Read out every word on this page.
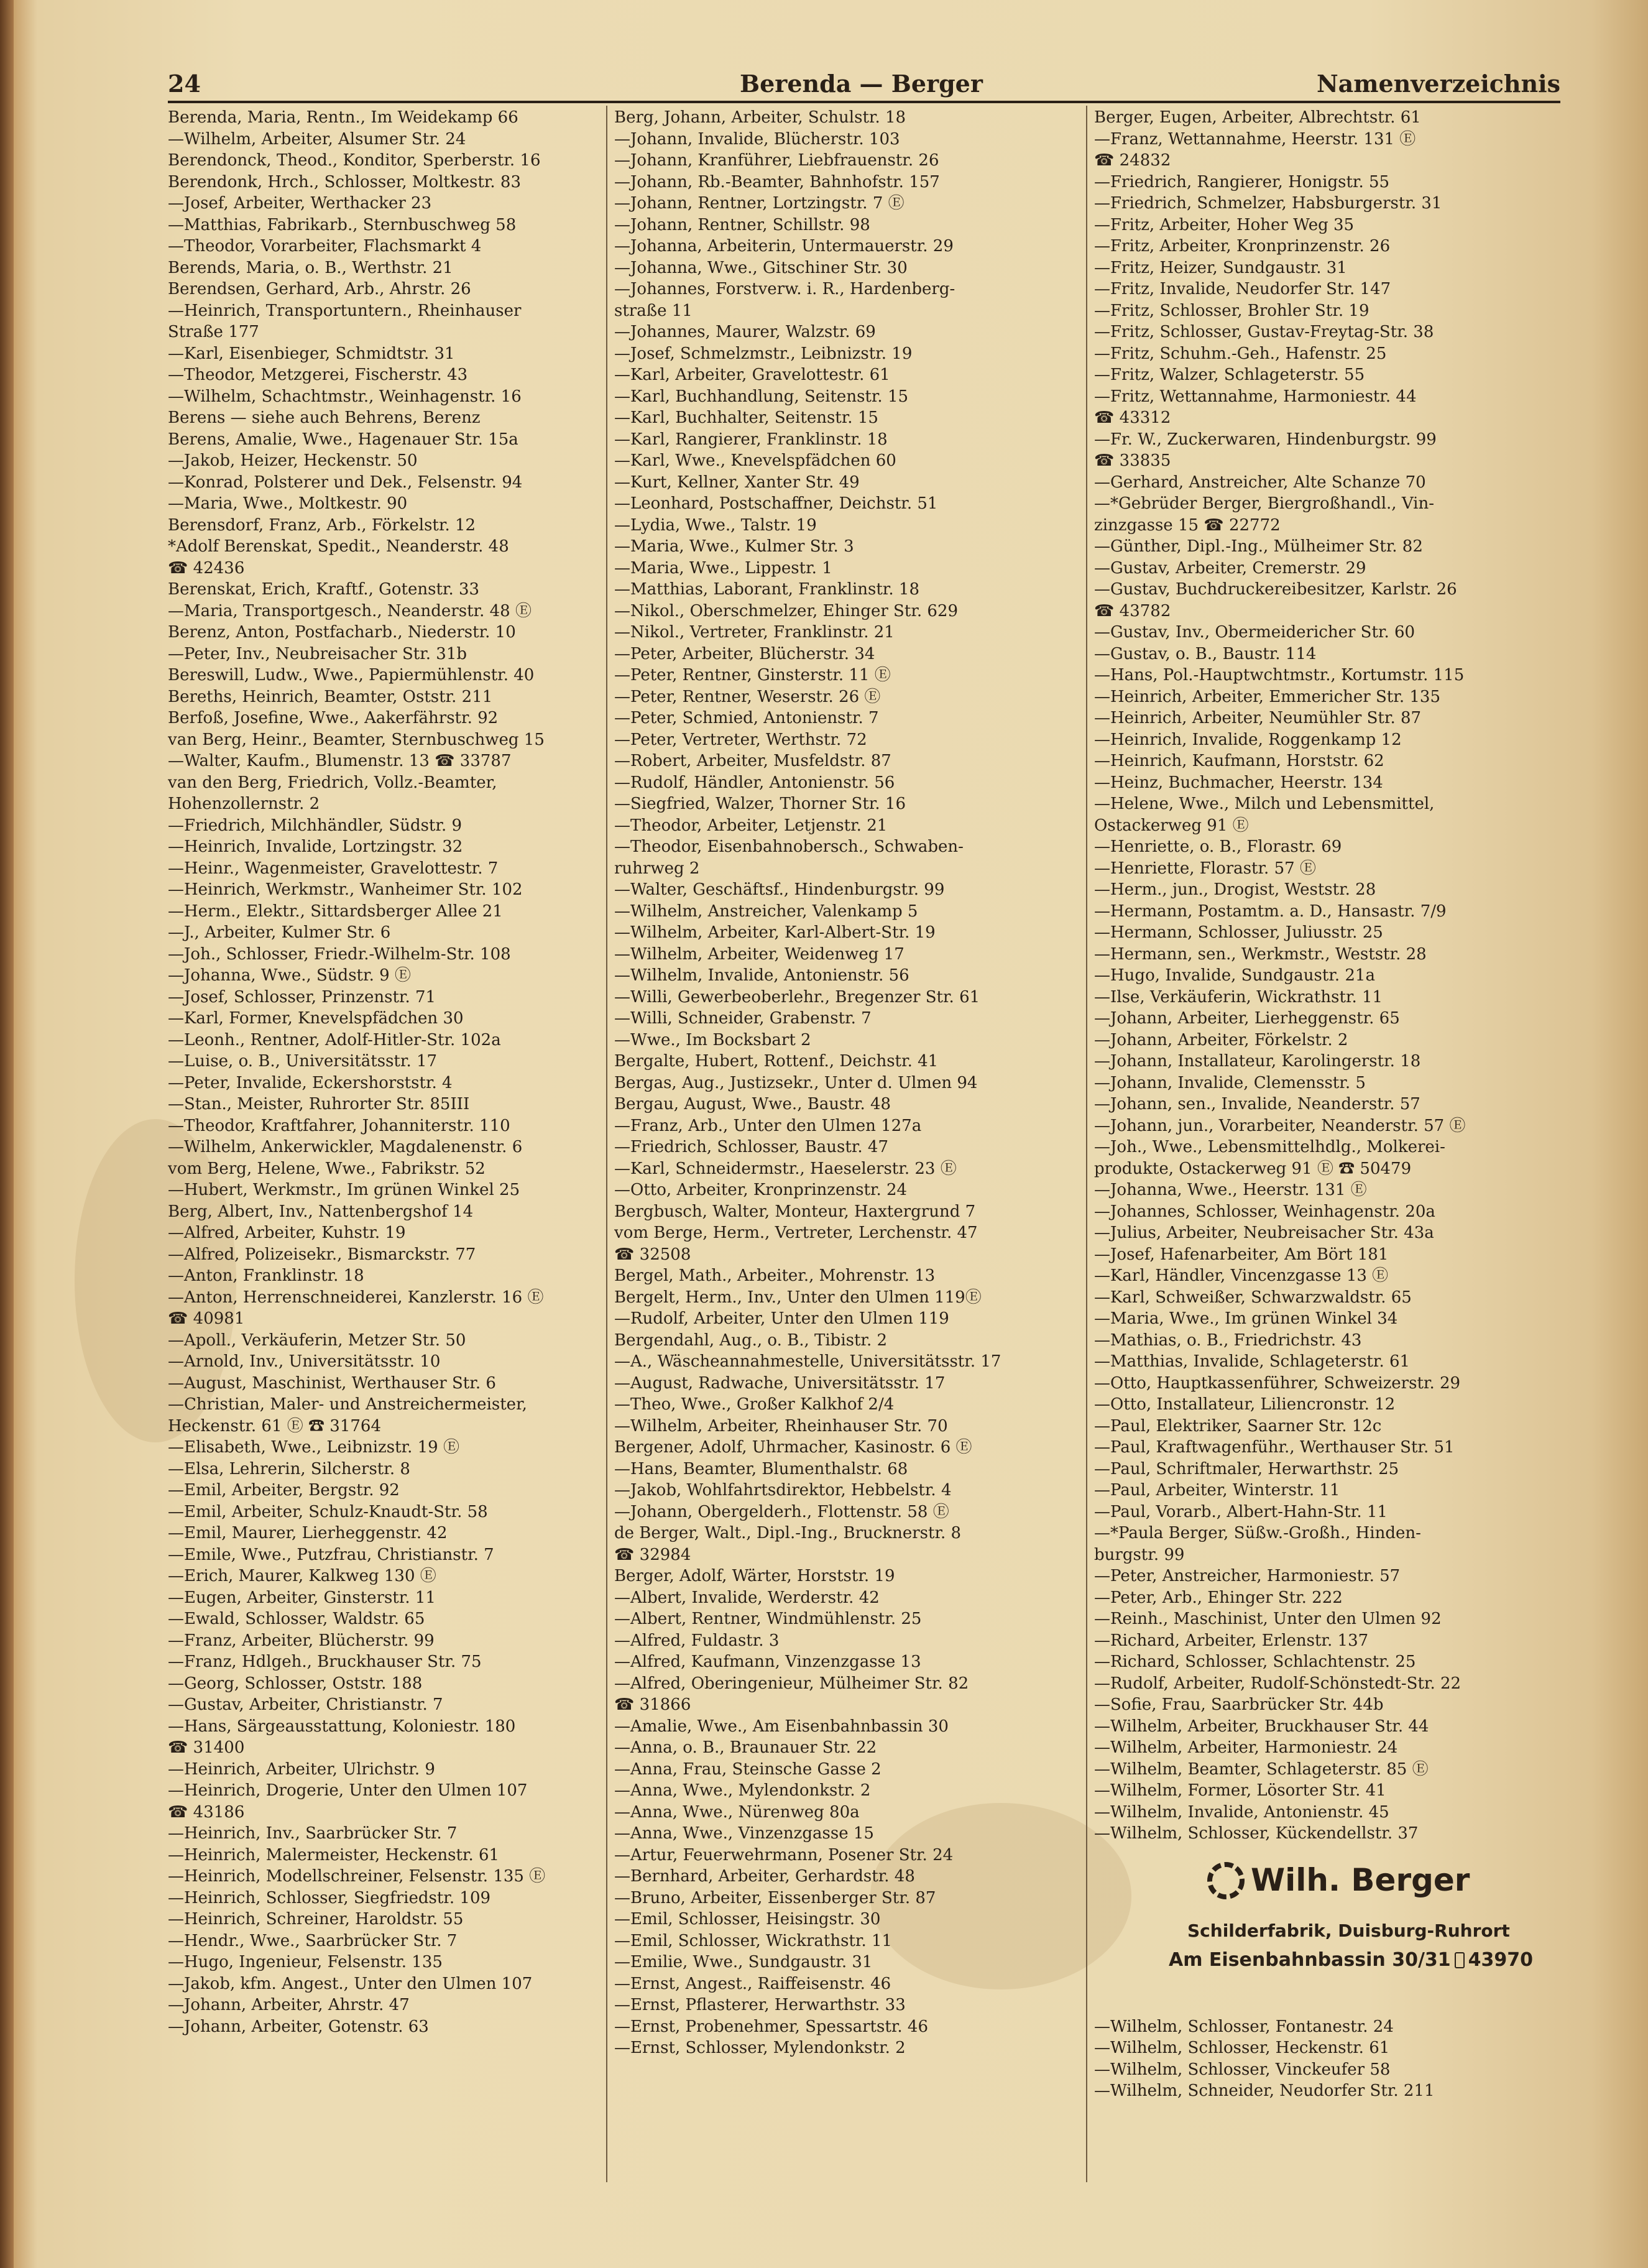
24	Berenda — Berger	Namenverzeichnis
Berenda, Maria, Rentn., Im Weidekamp 66
—Wilhelm, Arbeiter, Alsumer Str. 24
Berendonck, Theod., Konditor, Sperberstr. 16
Berendonk, Hrch., Schlosser, Moltkestr. 83
—Josef, Arbeiter, Werthacker 23
—Matthias, Fabrikarb., Sternbuschweg 58
—Theodor, Vorarbeiter, Flachsmarkt 4
Berends, Maria, o. B., Werthstr. 21
Berendsen, Gerhard, Arb., Ahrstr. 26
—Heinrich, Transportuntern., Rheinhauser
Straße 177
—Karl, Eisenbieger, Schmidtstr. 31
—Theodor, Metzgerei, Fischerstr. 43
—Wilhelm, Schachtmstr., Weinhagenstr. 16
Berens — siehe auch Behrens, Berenz
Berens, Amalie, Wwe., Hagenauer Str. 15a
—Jakob, Heizer, Heckenstr. 50
—Konrad, Polsterer und Dek., Felsenstr. 94
—Maria, Wwe., Moltkestr. 90
Berensdorf, Franz, Arb., Förkelstr. 12
*Adolf Berenskat, Spedit., Neanderstr. 48
☎ 42436
Berenskat, Erich, Kraftf., Gotenstr. 33
—Maria, Transportgesch., Neanderstr. 48 Ⓔ
Berenz, Anton, Postfacharb., Niederstr. 10
—Peter, Inv., Neubreisacher Str. 31b
Bereswill, Ludw., Wwe., Papiermühlenstr. 40
Bereths, Heinrich, Beamter, Oststr. 211
Berfoß, Josefine, Wwe., Aakerfährstr. 92
van Berg, Heinr., Beamter, Sternbuschweg 15
—Walter, Kaufm., Blumenstr. 13 ☎ 33787
van den Berg, Friedrich, Vollz.-Beamter,
Hohenzollernstr. 2
—Friedrich, Milchhändler, Südstr. 9
—Heinrich, Invalide, Lortzingstr. 32
—Heinr., Wagenmeister, Gravelottestr. 7
—Heinrich, Werkmstr., Wanheimer Str. 102
—Herm., Elektr., Sittardsberger Allee 21
—J., Arbeiter, Kulmer Str. 6
—Joh., Schlosser, Friedr.-Wilhelm-Str. 108
—Johanna, Wwe., Südstr. 9 Ⓔ
—Josef, Schlosser, Prinzenstr. 71
—Karl, Former, Knevelspfädchen 30
—Leonh., Rentner, Adolf-Hitler-Str. 102a
—Luise, o. B., Universitätsstr. 17
—Peter, Invalide, Eckershorststr. 4
—Stan., Meister, Ruhrorter Str. 85III
—Theodor, Kraftfahrer, Johanniterstr. 110
—Wilhelm, Ankerwickler, Magdalenenstr. 6
vom Berg, Helene, Wwe., Fabrikstr. 52
—Hubert, Werkmstr., Im grünen Winkel 25
Berg, Albert, Inv., Nattenbergshof 14
—Alfred, Arbeiter, Kuhstr. 19
—Alfred, Polizeisekr., Bismarckstr. 77
—Anton, Franklinstr. 18
—Anton, Herrenschneiderei, Kanzlerstr. 16 Ⓔ
☎ 40981
—Apoll., Verkäuferin, Metzer Str. 50
—Arnold, Inv., Universitätsstr. 10
—August, Maschinist, Werthauser Str. 6
—Christian, Maler- und Anstreichermeister,
Heckenstr. 61 Ⓔ ☎ 31764
—Elisabeth, Wwe., Leibnizstr. 19 Ⓔ
—Elsa, Lehrerin, Silcherstr. 8
—Emil, Arbeiter, Bergstr. 92
—Emil, Arbeiter, Schulz-Knaudt-Str. 58
—Emil, Maurer, Lierheggenstr. 42
—Emile, Wwe., Putzfrau, Christianstr. 7
—Erich, Maurer, Kalkweg 130 Ⓔ
—Eugen, Arbeiter, Ginsterstr. 11
—Ewald, Schlosser, Waldstr. 65
—Franz, Arbeiter, Blücherstr. 99
—Franz, Hdlgeh., Bruckhauser Str. 75
—Georg, Schlosser, Oststr. 188
—Gustav, Arbeiter, Christianstr. 7
—Hans, Särgeausstattung, Koloniestr. 180
☎ 31400
—Heinrich, Arbeiter, Ulrichstr. 9
—Heinrich, Drogerie, Unter den Ulmen 107
☎ 43186
—Heinrich, Inv., Saarbrücker Str. 7
—Heinrich, Malermeister, Heckenstr. 61
—Heinrich, Modellschreiner, Felsenstr. 135 Ⓔ
—Heinrich, Schlosser, Siegfriedstr. 109
—Heinrich, Schreiner, Haroldstr. 55
—Hendr., Wwe., Saarbrücker Str. 7
—Hugo, Ingenieur, Felsenstr. 135
—Jakob, kfm. Angest., Unter den Ulmen 107
—Johann, Arbeiter, Ahrstr. 47
—Johann, Arbeiter, Gotenstr. 63
Berg, Johann, Arbeiter, Schulstr. 18
—Johann, Invalide, Blücherstr. 103
—Johann, Kranführer, Liebfrauenstr. 26
—Johann, Rb.-Beamter, Bahnhofstr. 157
—Johann, Rentner, Lortzingstr. 7 Ⓔ
—Johann, Rentner, Schillstr. 98
—Johanna, Arbeiterin, Untermauerstr. 29
—Johanna, Wwe., Gitschiner Str. 30
—Johannes, Forstverw. i. R., Hardenberg-
straße 11
—Johannes, Maurer, Walzstr. 69
—Josef, Schmelzmstr., Leibnizstr. 19
—Karl, Arbeiter, Gravelottestr. 61
—Karl, Buchhandlung, Seitenstr. 15
—Karl, Buchhalter, Seitenstr. 15
—Karl, Rangierer, Franklinstr. 18
—Karl, Wwe., Knevelspfädchen 60
—Kurt, Kellner, Xanter Str. 49
—Leonhard, Postschaffner, Deichstr. 51
—Lydia, Wwe., Talstr. 19
—Maria, Wwe., Kulmer Str. 3
—Maria, Wwe., Lippestr. 1
—Matthias, Laborant, Franklinstr. 18
—Nikol., Oberschmelzer, Ehinger Str. 629
—Nikol., Vertreter, Franklinstr. 21
—Peter, Arbeiter, Blücherstr. 34
—Peter, Rentner, Ginsterstr. 11 Ⓔ
—Peter, Rentner, Weserstr. 26 Ⓔ
—Peter, Schmied, Antonienstr. 7
—Peter, Vertreter, Werthstr. 72
—Robert, Arbeiter, Musfeldstr. 87
—Rudolf, Händler, Antonienstr. 56
—Siegfried, Walzer, Thorner Str. 16
—Theodor, Arbeiter, Letjenstr. 21
—Theodor, Eisenbahnobersch., Schwaben-
ruhrweg 2
—Walter, Geschäftsf., Hindenburgstr. 99
—Wilhelm, Anstreicher, Valenkamp 5
—Wilhelm, Arbeiter, Karl-Albert-Str. 19
—Wilhelm, Arbeiter, Weidenweg 17
—Wilhelm, Invalide, Antonienstr. 56
—Willi, Gewerbeoberlehr., Bregenzer Str. 61
—Willi, Schneider, Grabenstr. 7
—Wwe., Im Bocksbart 2
Bergalte, Hubert, Rottenf., Deichstr. 41
Bergas, Aug., Justizsekr., Unter d. Ulmen 94
Bergau, August, Wwe., Baustr. 48
—Franz, Arb., Unter den Ulmen 127a
—Friedrich, Schlosser, Baustr. 47
—Karl, Schneidermstr., Haeselerstr. 23 Ⓔ
—Otto, Arbeiter, Kronprinzenstr. 24
Bergbusch, Walter, Monteur, Haxtergrund 7
vom Berge, Herm., Vertreter, Lerchenstr. 47
☎ 32508
Bergel, Math., Arbeiter., Mohrenstr. 13
Bergelt, Herm., Inv., Unter den Ulmen 119Ⓔ
—Rudolf, Arbeiter, Unter den Ulmen 119
Bergendahl, Aug., o. B., Tibistr. 2
—A., Wäscheannahmestelle, Universitätsstr. 17
—August, Radwache, Universitätsstr. 17
—Theo, Wwe., Großer Kalkhof 2/4
—Wilhelm, Arbeiter, Rheinhauser Str. 70
Bergener, Adolf, Uhrmacher, Kasinostr. 6 Ⓔ
—Hans, Beamter, Blumenthalstr. 68
—Jakob, Wohlfahrtsdirektor, Hebbelstr. 4
—Johann, Obergelderh., Flottenstr. 58 Ⓔ
de Berger, Walt., Dipl.-Ing., Brucknerstr. 8
☎ 32984
Berger, Adolf, Wärter, Horststr. 19
—Albert, Invalide, Werderstr. 42
—Albert, Rentner, Windmühlenstr. 25
—Alfred, Fuldastr. 3
—Alfred, Kaufmann, Vinzenzgasse 13
—Alfred, Oberingenieur, Mülheimer Str. 82
☎ 31866
—Amalie, Wwe., Am Eisenbahnbassin 30
—Anna, o. B., Braunauer Str. 22
—Anna, Frau, Steinsche Gasse 2
—Anna, Wwe., Mylendonkstr. 2
—Anna, Wwe., Nürenweg 80a
—Anna, Wwe., Vinzenzgasse 15
—Artur, Feuerwehrmann, Posener Str. 24
—Bernhard, Arbeiter, Gerhardstr. 48
—Bruno, Arbeiter, Eissenberger Str. 87
—Emil, Schlosser, Heisingstr. 30
—Emil, Schlosser, Wickrathstr. 11
—Emilie, Wwe., Sundgaustr. 31
—Ernst, Angest., Raiffeisenstr. 46
—Ernst, Pflasterer, Herwarthstr. 33
—Ernst, Probenehmer, Spessartstr. 46
—Ernst, Schlosser, Mylendonkstr. 2
Berger, Eugen, Arbeiter, Albrechtstr. 61
—Franz, Wettannahme, Heerstr. 131 Ⓔ
☎ 24832
—Friedrich, Rangierer, Honigstr. 55
—Friedrich, Schmelzer, Habsburgerstr. 31
—Fritz, Arbeiter, Hoher Weg 35
—Fritz, Arbeiter, Kronprinzenstr. 26
—Fritz, Heizer, Sundgaustr. 31
—Fritz, Invalide, Neudorfer Str. 147
—Fritz, Schlosser, Brohler Str. 19
—Fritz, Schlosser, Gustav-Freytag-Str. 38
—Fritz, Schuhm.-Geh., Hafenstr. 25
—Fritz, Walzer, Schlageterstr. 55
—Fritz, Wettannahme, Harmoniestr. 44
☎ 43312
—Fr. W., Zuckerwaren, Hindenburgstr. 99
☎ 33835
—Gerhard, Anstreicher, Alte Schanze 70
—*Gebrüder Berger, Biergroßhandl., Vin-
zinzgasse 15 ☎ 22772
—Günther, Dipl.-Ing., Mülheimer Str. 82
—Gustav, Arbeiter, Cremerstr. 29
—Gustav, Buchdruckereibesitzer, Karlstr. 26
☎ 43782
—Gustav, Inv., Obermeidericher Str. 60
—Gustav, o. B., Baustr. 114
—Hans, Pol.-Hauptwchtmstr., Kortumstr. 115
—Heinrich, Arbeiter, Emmericher Str. 135
—Heinrich, Arbeiter, Neumühler Str. 87
—Heinrich, Invalide, Roggenkamp 12
—Heinrich, Kaufmann, Horststr. 62
—Heinz, Buchmacher, Heerstr. 134
—Helene, Wwe., Milch und Lebensmittel,
Ostackerweg 91 Ⓔ
—Henriette, o. B., Florastr. 69
—Henriette, Florastr. 57 Ⓔ
—Herm., jun., Drogist, Weststr. 28
—Hermann, Postamtm. a. D., Hansastr. 7/9
—Hermann, Schlosser, Juliusstr. 25
—Hermann, sen., Werkmstr., Weststr. 28
—Hugo, Invalide, Sundgaustr. 21a
—Ilse, Verkäuferin, Wickrathstr. 11
—Johann, Arbeiter, Lierheggenstr. 65
—Johann, Arbeiter, Förkelstr. 2
—Johann, Installateur, Karolingerstr. 18
—Johann, Invalide, Clemensstr. 5
—Johann, sen., Invalide, Neanderstr. 57
—Johann, jun., Vorarbeiter, Neanderstr. 57 Ⓔ
—Joh., Wwe., Lebensmittelhdlg., Molkerei-
produkte, Ostackerweg 91 Ⓔ ☎ 50479
—Johanna, Wwe., Heerstr. 131 Ⓔ
—Johannes, Schlosser, Weinhagenstr. 20a
—Julius, Arbeiter, Neubreisacher Str. 43a
—Josef, Hafenarbeiter, Am Bört 181
—Karl, Händler, Vincenzgasse 13 Ⓔ
—Karl, Schweißer, Schwarzwaldstr. 65
—Maria, Wwe., Im grünen Winkel 34
—Mathias, o. B., Friedrichstr. 43
—Matthias, Invalide, Schlageterstr. 61
—Otto, Hauptkassenführer, Schweizerstr. 29
—Otto, Installateur, Liliencronstr. 12
—Paul, Elektriker, Saarner Str. 12c
—Paul, Kraftwagenführ., Werthauser Str. 51
—Paul, Schriftmaler, Herwarthstr. 25
—Paul, Arbeiter, Winterstr. 11
—Paul, Vorarb., Albert-Hahn-Str. 11
—*Paula Berger, Süßw.-Großh., Hinden-
burgstr. 99
—Peter, Anstreicher, Harmoniestr. 57
—Peter, Arb., Ehinger Str. 222
—Reinh., Maschinist, Unter den Ulmen 92
—Richard, Arbeiter, Erlenstr. 137
—Richard, Schlosser, Schlachtenstr. 25
—Rudolf, Arbeiter, Rudolf-Schönstedt-Str. 22
—Sofie, Frau, Saarbrücker Str. 44b
—Wilhelm, Arbeiter, Bruckhauser Str. 44
—Wilhelm, Arbeiter, Harmoniestr. 24
—Wilhelm, Beamter, Schlageterstr. 85 Ⓔ
—Wilhelm, Former, Lösorter Str. 41
—Wilhelm, Invalide, Antonienstr. 45
—Wilhelm, Schlosser, Kückendellstr. 37
Wilh. Berger
Schilderfabrik, Duisburg-Ruhrort
Am Eisenbahnbassin 30/31 43970
—Wilhelm, Schlosser, Fontanestr. 24
—Wilhelm, Schlosser, Heckenstr. 61
—Wilhelm, Schlosser, Vinckeufer 58
—Wilhelm, Schneider, Neudorfer Str. 211
